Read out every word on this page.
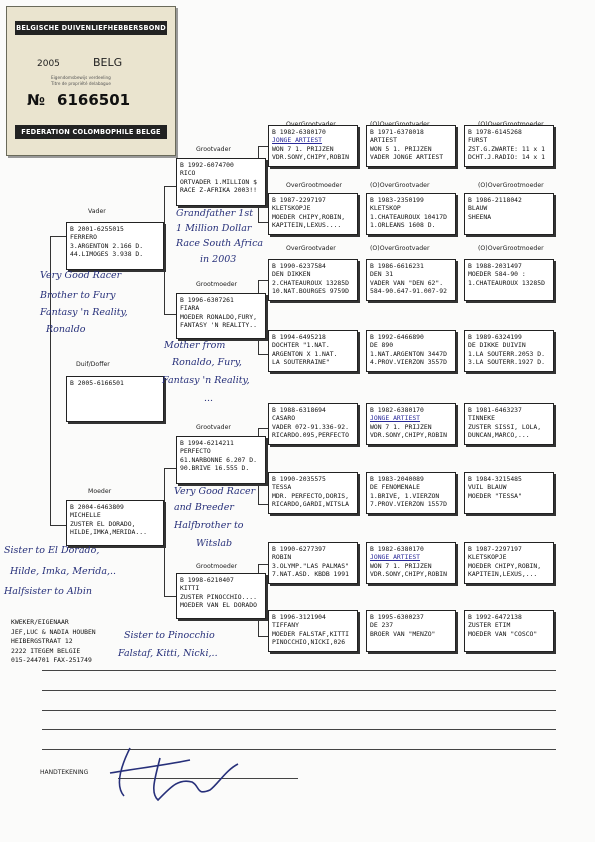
BELGISCHE DUIVENLIEFHEBBERSBOND
2005	BELG
Eigendomsbewijs verdeeling
Titre de propriété delabague
№ 6166501
FEDERATION COLOMBOPHILE BELGE
Grootvader
Vader
OverGrootmoeder	(O)OverGrootvader	(O)OverGrootmoeder
OverGrootvader	(O)OverGrootvader	(O)OverGrootmoeder
Grootmoeder
Duif/Doffer
Grootvader
Moeder
Grootmoeder
B 2005-6166501
B 2001-6255015
FERRERO
3.ARGENTON 2.166 D.
44.LIMOGES 3.938 D.
B 2004-6463809
MICHELLE
ZUSTER EL DORADO,
HILDE,IMKA,MERIDA...
B 1992-6074700
RICO
ORTVADER 1.MILLION $
RACE Z-AFRIKA 2003!!
B 1996-6307261
FIARA
MOEDER RONALDO,FURY,
FANTASY 'N REALITY..
B 1994-6214211
PERFECTO
61.NARBONNE 6.207 D.
90.BRIVE 16.555 D.
B 1998-6210407
KITTI
ZUSTER PINOCCHIO....
MOEDER VAN EL DORADO
B 1982-6380170
JONGE ARTIEST
WON 7 1. PRIJZEN
VDR.SONY,CHIPY,ROBIN
B 1987-2297197
KLETSKOPJE
MOEDER CHIPY,ROBIN,
KAPITEIN,LEXUS....
B 1990-6237584
DEN DIKKEN
2.CHATEAUROUX 13285D
10.NAT.BOURGES 9759D
B 1994-6495218
DOCHTER "1.NAT.
ARGENTON X 1.NAT.
LA SOUTERRAINE"
B 1988-6318694
CASARO
VADER 072-91.336-92.
RICARDO.095,PERFECTO
B 1990-2035575
TESSA
MDR. PERFECTO,DORIS,
RICARDO,GARDI,WITSLA
B 1990-6277397
ROBIN
3.OLYMP."LAS PALMAS"
7.NAT.ASD. KBDB 1991
B 1996-3121904
TIFFANY
MOEDER FALSTAF,KITTI
PINOCCHIO,NICKI,026
B 1971-6378018
ARTIEST
WON 5 1. PRIJZEN
VADER JONGE ARTIEST
B 1983-2350199
KLETSKOP
1.CHATEAUROUX 10417D
1.ORLEANS 1608 D.
B 1986-6616231
DEN 31
VADER VAN "DEN 62".
584-90.647-91.007-92
B 1992-6466890
DE 890
1.NAT.ARGENTON 3447D
4.PROV.VIERZON 3557D
B 1982-6380170
JONGE ARTIEST
WON 7 1. PRIJZEN
VDR.SONY,CHIPY,ROBIN
B 1983-2040089
DE FENOMENALE
1.BRIVE, 1.VIERZON
7.PROV.VIERZON 1557D
B 1982-6380170
JONGE ARTIEST
WON 7 1. PRIJZEN
VDR.SONY,CHIPY,ROBIN
B 1995-6300237
DE 237
BROER VAN "MENZO"
B 1978-6145268
FURST
ZST.G.ZWARTE: 11 x 1
DCHT.J.RADIO: 14 x 1
B 1986-2118042
BLAUW
SHEENA
B 1988-2031497
MOEDER 584-90 :
1.CHATEAUROUX 13285D
B 1989-6324199
DE DIKKE DUIVIN
1.LA SOUTERR.2053 D.
3.LA SOUTERR.1927 D.
B 1981-6463237
TINNEKE
ZUSTER SISSI, LOLA,
DUNCAN,MARCO,...
B 1984-3215485
VUIL BLAUW
MOEDER "TESSA"
B 1987-2297197
KLETSKOPJE
MOEDER CHIPY,ROBIN,
KAPITEIN,LEXUS,...
B 1992-6472138
ZUSTER ETIM
MOEDER VAN "COSCO"
Grandfather 1st
1 Million Dollar
Race South Africa
in 2003
Very Good Racer
Brother to Fury
Fantasy 'n Reality,
Ronaldo
Mother from
Ronaldo, Fury,
Fantasy 'n Reality,
...
Very Good Racer
and Breeder
Halfbrother to
Witslab
Sister to El Dorado,
Hilde, Imka, Merida,..
Halfsister to Albin
Sister to Pinocchio
Falstaf, Kitti, Nicki,..
KWEKER/EIGENAAR
JEF,LUC & NADIA HOUBEN
HEIBERGSTRAAT 12
2222 ITEGEM BELGIE
015-244701 FAX-251749
HANDTEKENING
